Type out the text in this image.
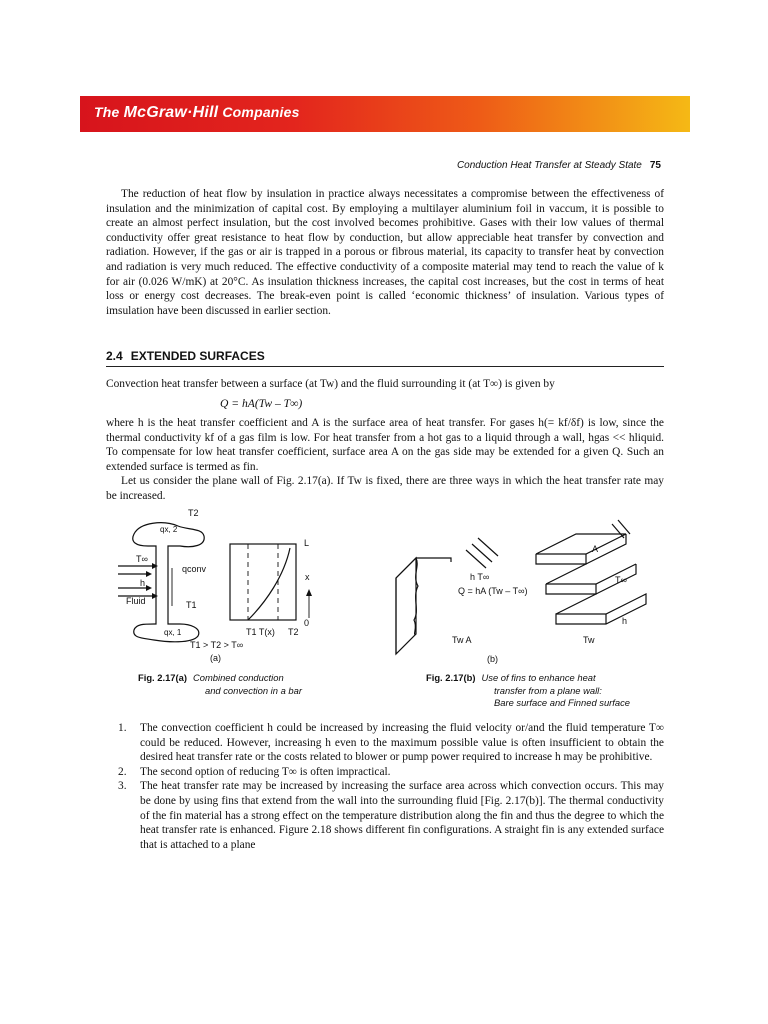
The McGraw·Hill Companies
Conduction Heat Transfer at Steady State 75
The reduction of heat flow by insulation in practice always necessitates a compromise between the effectiveness of insulation and the minimization of capital cost. By employing a multilayer aluminium foil in vaccum, it is possible to create an almost perfect insulation, but the cost involved becomes prohibitive. Gases with their low values of thermal conductivity offer great resistance to heat flow by conduction, but allow appreciable heat transfer by convection and radiation. However, if the gas or air is trapped in a porous or fibrous material, its capacity to transfer heat by convection and radiation is very much reduced. The effective conductivity of a composite material may tend to reach the value of k for air (0.026 W/mK) at 20°C. As insulation thickness increases, the capital cost increases, but the cost in terms of heat loss or energy cost decreases. The break-even point is called ‘economic thickness’ of insulation. Various types of imsulation have been discussed in earlier section.
2.4 EXTENDED SURFACES
Convection heat transfer between a surface (at Tw) and the fluid surrounding it (at T∞) is given by
Q = hA(Tw – T∞)
where h is the heat transfer coefficient and A is the surface area of heat transfer. For gases h(= kf/δf) is low, since the thermal conductivity kf of a gas film is low. For heat transfer from a hot gas to a liquid through a wall, hgas << hliquid. To compensate for low heat transfer coefficient, surface area A on the gas side may be extended for a given Q. Such an extended surface is termed as fin.
Let us consider the plane wall of Fig. 2.17(a). If Tw is fixed, there are three ways in which the heat transfer rate may be increased.
T2
qx, 2
T∞
h
Fluid
qconv
T1
qx, 1
T1 > T2 > T∞
L
x
0
T1 T(x) T2
(a)
h T∞
Q = hA (Tw – T∞)
Tw A
A
T∞
h
Tw
(b)
Fig. 2.17(a) Combined conduction
and convection in a bar
Fig. 2.17(b) Use of fins to enhance heat
transfer from a plane wall:
Bare surface and Finned surface
1. The convection coefficient h could be increased by increasing the fluid velocity or/and the fluid temperature T∞ could be reduced. However, increasing h even to the maximum possible value is often insufficient to obtain the desired heat transfer rate or the costs related to blower or pump power required to increase h may be prohibitive.
2. The second option of reducing T∞ is often impractical.
3. The heat transfer rate may be increased by increasing the surface area across which convection occurs. This may be done by using fins that extend from the wall into the surrounding fluid [Fig. 2.17(b)]. The thermal conductivity of the fin material has a strong effect on the temperature distribution along the fin and thus the degree to which the heat transfer rate is enhanced. Figure 2.18 shows different fin configurations. A straight fin is any extended surface that is attached to a plane
